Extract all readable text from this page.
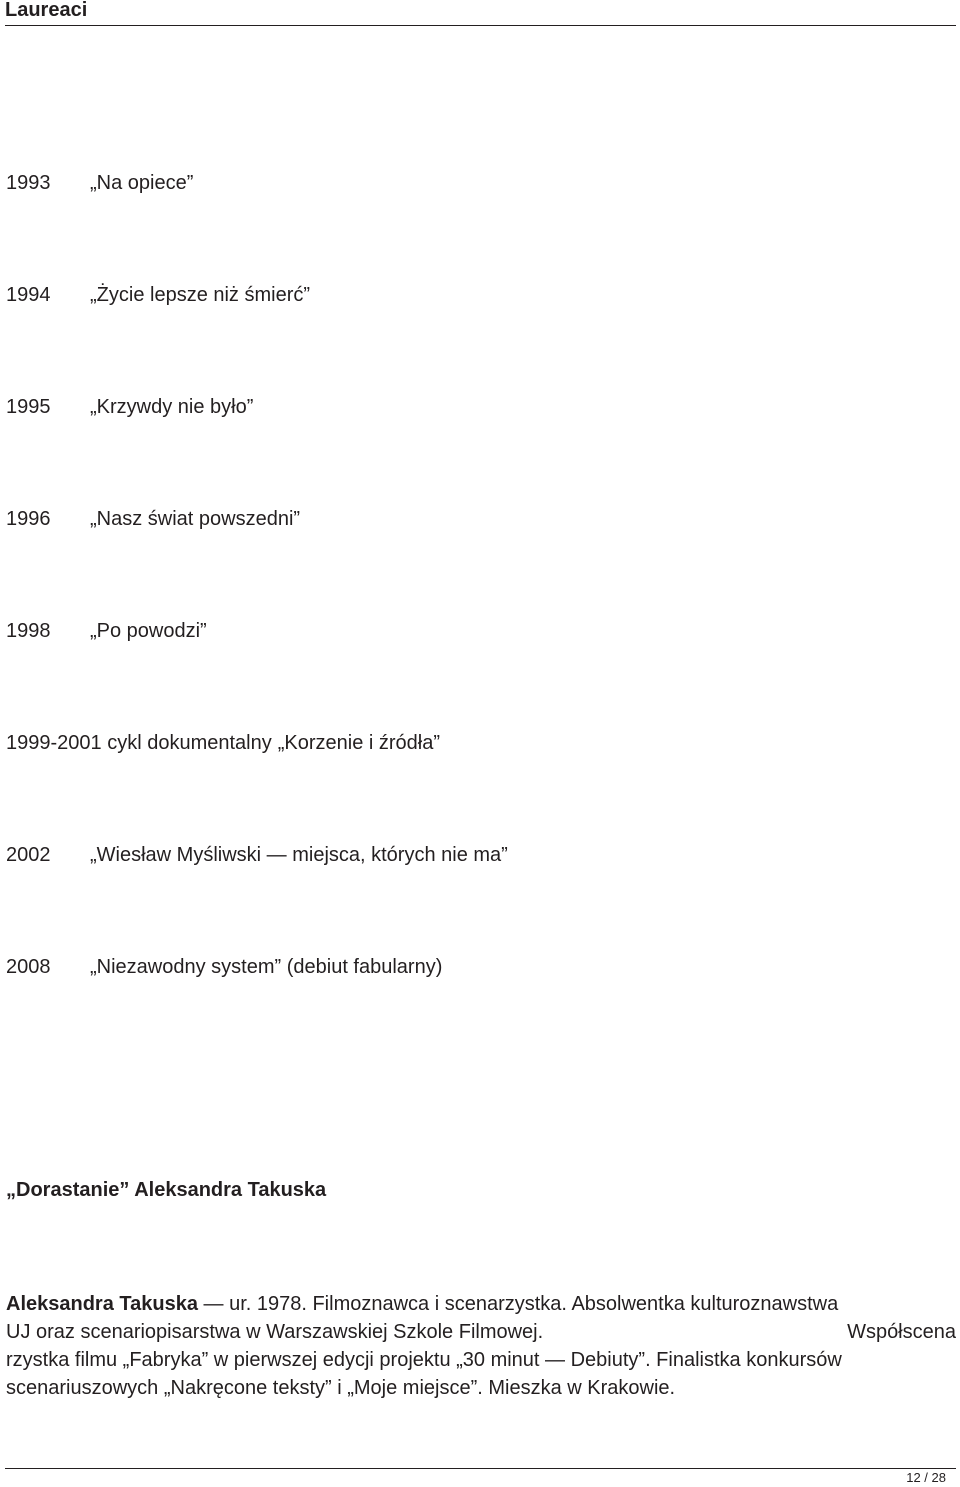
Laureaci
1993 „Na opiecе”
1994 „Życie lepsze niż śmierć”
1995 „Krzywdy nie było”
1996 „Nasz świat powszedni”
1998 „Po powodzi”
1999-2001 cykl dokumentalny „Korzenie i źródła”
2002 „Wiesław Myśliwski — miejsca, których nie ma”
2008 „Niezawodny system” (debiut fabularny)
„Dorastanie” Aleksandra Takuska
Aleksandra Takuska — ur. 1978. Filmoznawca i scenarzystka. Absolwentka kulturoznawstwa
UJ oraz scenariopisarstwa w Warszawskiej Szkole Filmowej.	Współscena
rzystka filmu „Fabryka” w pierwszej edycji projektu „30 minut — Debiuty”. Finalistka konkursów
scenariuszowych „Nakręcone teksty” i „Moje miejsce”. Mieszka w Krakowie.
12 / 28
